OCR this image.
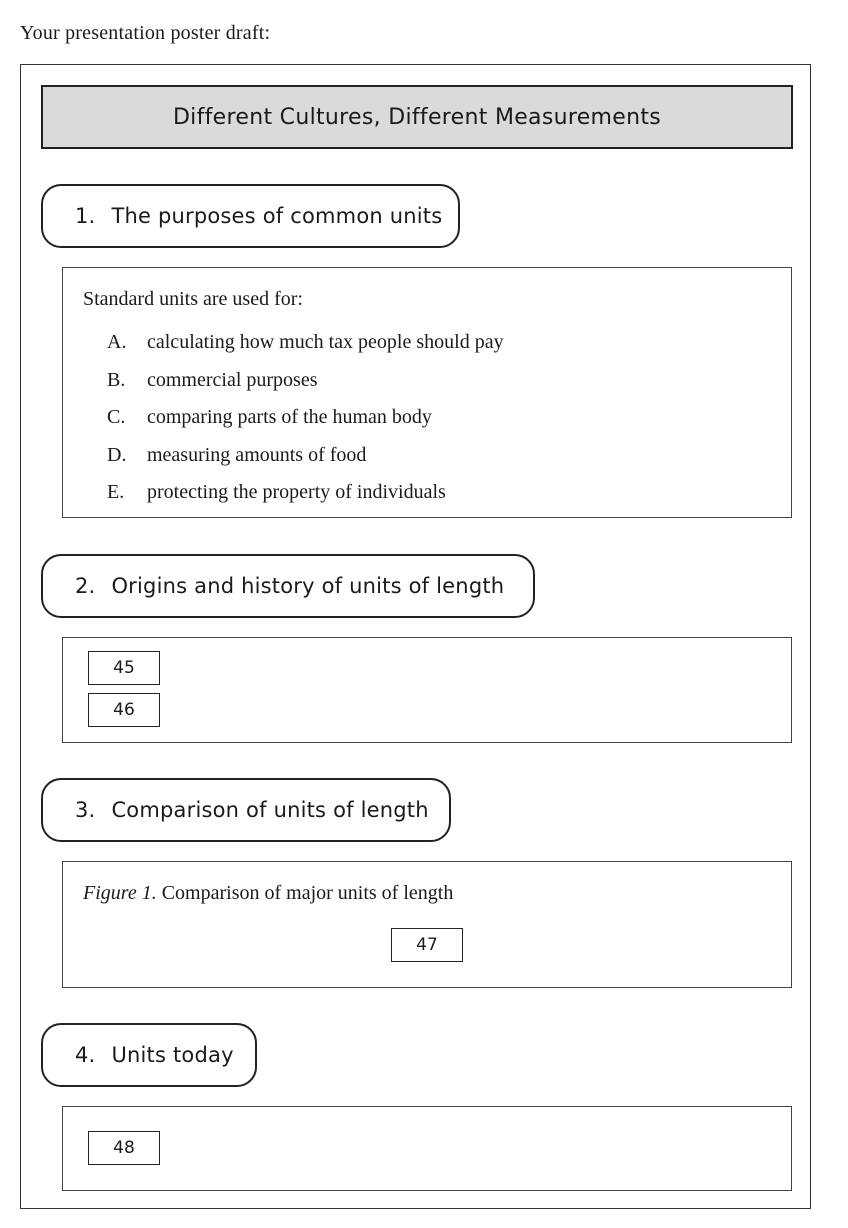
Your presentation poster draft:
Different Cultures, Different Measurements
1. The purposes of common units
Standard units are used for:
A. calculating how much tax people should pay
B. commercial purposes
C. comparing parts of the human body
D. measuring amounts of food
E. protecting the property of individuals
2. Origins and history of units of length
45
46
3. Comparison of units of length
Figure 1. Comparison of major units of length
47
4. Units today
48
